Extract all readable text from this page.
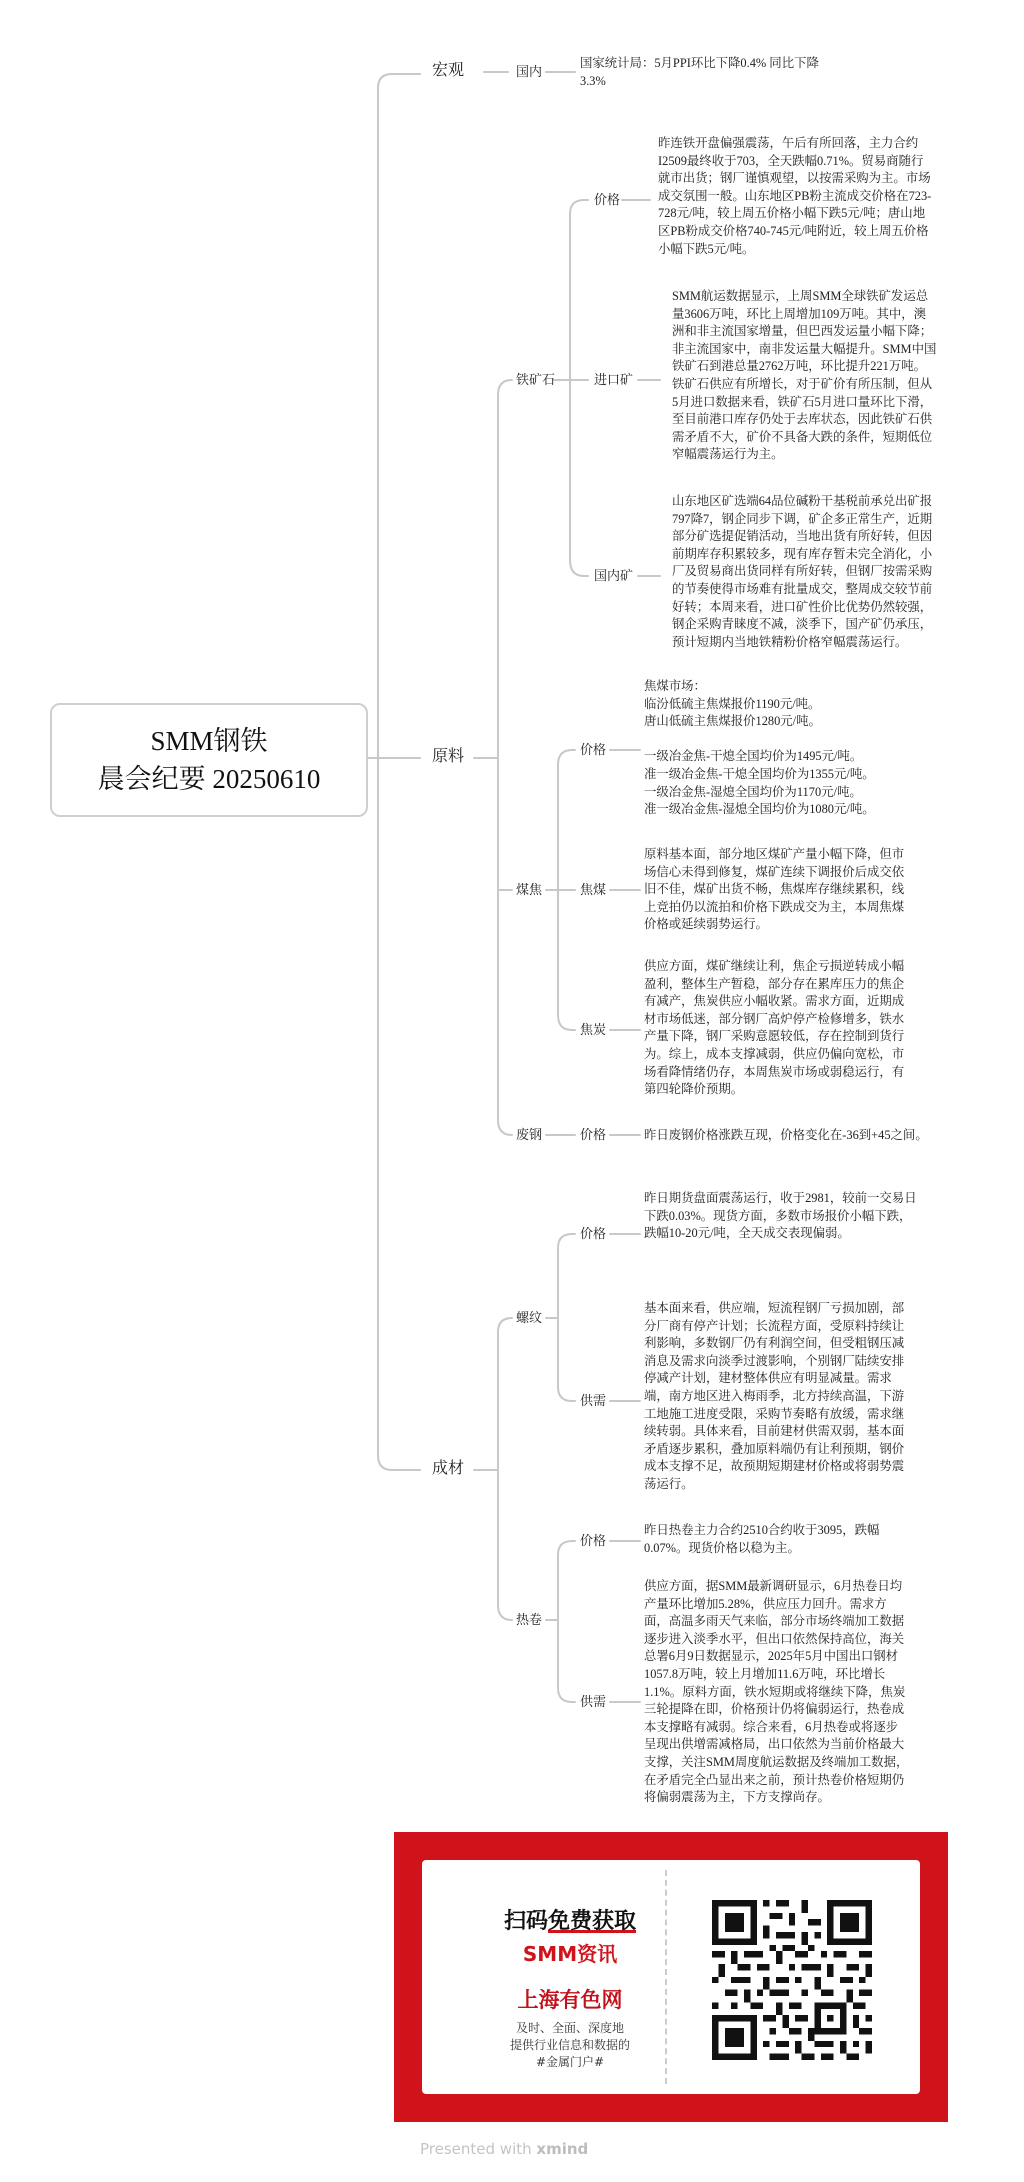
SMM钢铁
晨会纪要 20250610
宏观	国内
国家统计局：5月PPI环比下降0.4% 同比下降
3.3%
原料
铁矿石
价格
昨连铁开盘偏强震荡，午后有所回落，主力合约
I2509最终收于703，全天跌幅0.71%。贸易商随行
就市出货；钢厂谨慎观望，以按需采购为主。市场
成交氛围一般。山东地区PB粉主流成交价格在723-
728元/吨，较上周五价格小幅下跌5元/吨；唐山地
区PB粉成交价格740-745元/吨附近，较上周五价格
小幅下跌5元/吨。
进口矿
SMM航运数据显示，上周SMM全球铁矿发运总
量3606万吨，环比上周增加109万吨。其中，澳
洲和非主流国家增量，但巴西发运量小幅下降；
非主流国家中，南非发运量大幅提升。SMM中国
铁矿石到港总量2762万吨，环比提升221万吨。
铁矿石供应有所增长，对于矿价有所压制，但从
5月进口数据来看，铁矿石5月进口量环比下滑，
至目前港口库存仍处于去库状态，因此铁矿石供
需矛盾不大，矿价不具备大跌的条件，短期低位
窄幅震荡运行为主。
国内矿
山东地区矿选端64品位碱粉干基税前承兑出矿报
797降7，钢企同步下调，矿企多正常生产，近期
部分矿选提促销活动，当地出货有所好转，但因
前期库存积累较多，现有库存暂未完全消化，小
厂及贸易商出货同样有所好转，但钢厂按需采购
的节奏使得市场难有批量成交，整周成交较节前
好转；本周来看，进口矿性价比优势仍然较强，
钢企采购青睐度不减，淡季下，国产矿仍承压，
预计短期内当地铁精粉价格窄幅震荡运行。
煤焦
价格
焦煤市场：
临汾低硫主焦煤报价1190元/吨。
唐山低硫主焦煤报价1280元/吨。

一级冶金焦-干熄全国均价为1495元/吨。
准一级冶金焦-干熄全国均价为1355元/吨。
一级冶金焦-湿熄全国均价为1170元/吨。
准一级冶金焦-湿熄全国均价为1080元/吨。
焦煤
原料基本面，部分地区煤矿产量小幅下降，但市
场信心未得到修复，煤矿连续下调报价后成交依
旧不佳，煤矿出货不畅，焦煤库存继续累积，线
上竞拍仍以流拍和价格下跌成交为主，本周焦煤
价格或延续弱势运行。
焦炭
供应方面，煤矿继续让利，焦企亏损逆转成小幅
盈利，整体生产暂稳，部分存在累库压力的焦企
有减产，焦炭供应小幅收紧。需求方面，近期成
材市场低迷，部分钢厂高炉停产检修增多，铁水
产量下降，钢厂采购意愿较低，存在控制到货行
为。综上，成本支撑减弱，供应仍偏向宽松，市
场看降情绪仍存，本周焦炭市场或弱稳运行，有
第四轮降价预期。
废钢	价格	昨日废钢价格涨跌互现，价格变化在-36到+45之间。
成材
螺纹
价格
昨日期货盘面震荡运行，收于2981，较前一交易日
下跌0.03%。现货方面，多数市场报价小幅下跌，
跌幅10-20元/吨，全天成交表现偏弱。
供需
基本面来看，供应端，短流程钢厂亏损加剧，部
分厂商有停产计划；长流程方面，受原料持续让
利影响，多数钢厂仍有利润空间，但受粗钢压减
消息及需求向淡季过渡影响，个别钢厂陆续安排
停减产计划，建材整体供应有明显减量。需求
端，南方地区进入梅雨季，北方持续高温，下游
工地施工进度受限，采购节奏略有放缓，需求继
续转弱。具体来看，目前建材供需双弱，基本面
矛盾逐步累积，叠加原料端仍有让利预期，钢价
成本支撑不足，故预期短期建材价格或将弱势震
荡运行。
热卷
价格
昨日热卷主力合约2510合约收于3095，跌幅
0.07%。现货价格以稳为主。
供需
供应方面，据SMM最新调研显示，6月热卷日均
产量环比增加5.28%，供应压力回升。需求方
面，高温多雨天气来临，部分市场终端加工数据
逐步进入淡季水平，但出口依然保持高位，海关
总署6月9日数据显示，2025年5月中国出口钢材
1057.8万吨，较上月增加11.6万吨，环比增长
1.1%。原料方面，铁水短期或将继续下降，焦炭
三轮提降在即，价格预计仍将偏弱运行，热卷成
本支撑略有减弱。综合来看，6月热卷或将逐步
呈现出供增需减格局，出口依然为当前价格最大
支撑，关注SMM周度航运数据及终端加工数据，
在矛盾完全凸显出来之前，预计热卷价格短期仍
将偏弱震荡为主，下方支撑尚存。
扫码免费获取
SMM资讯
上海有色网
及时、全面、深度地
提供行业信息和数据的
#金属门户#
Presented with xmind
